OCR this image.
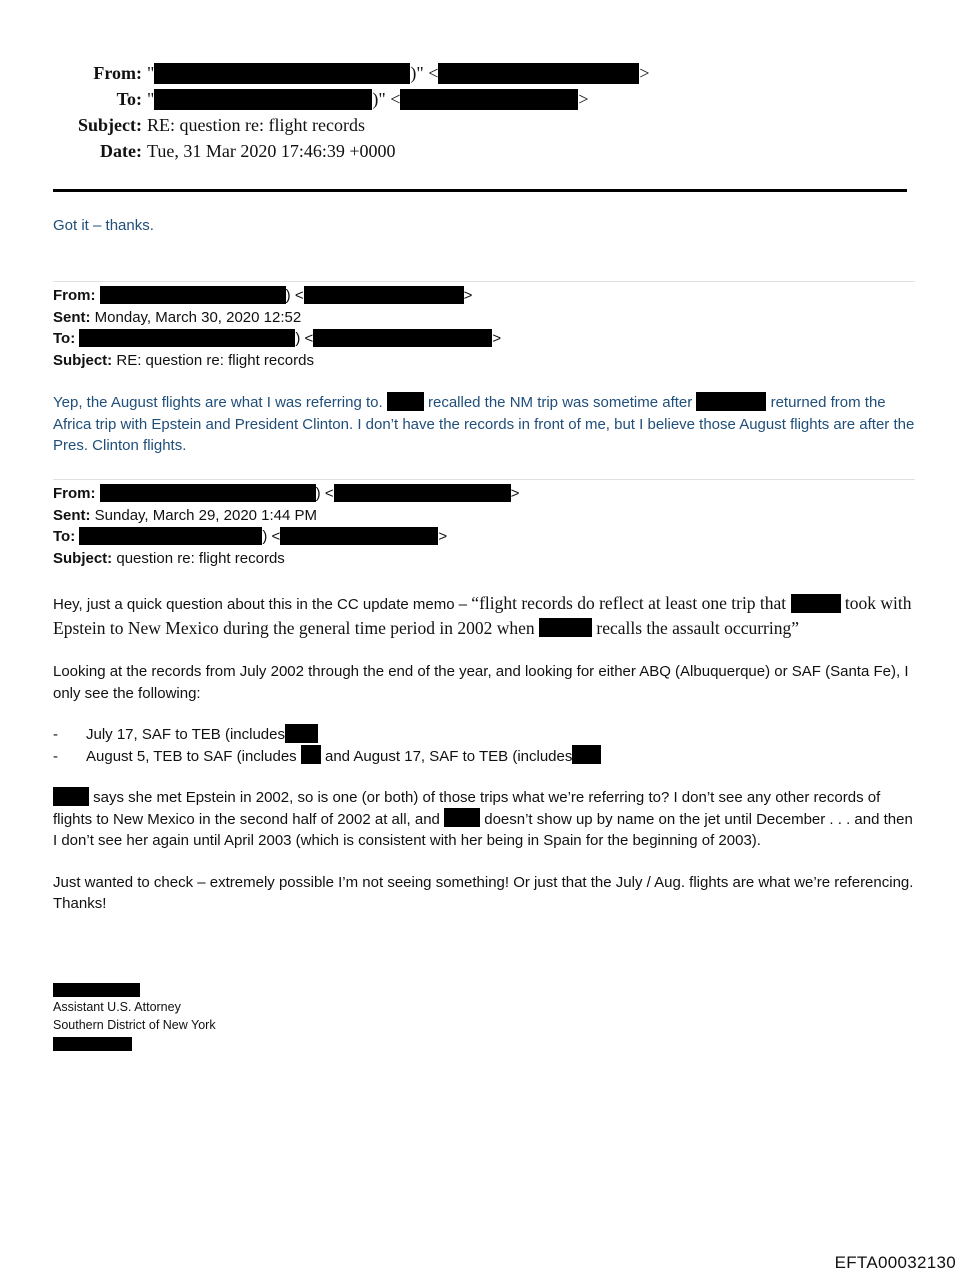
From: "	)" <	>
To: "	)" <	>
Subject: RE: question re: flight records
Date: Tue, 31 Mar 2020 17:46:39 +0000
Got it – thanks.
From:	) <	>
Sent: Monday, March 30, 2020 12:52
To:	) <	>
Subject: RE: question re: flight records
Yep, the August flights are what I was referring to.  recalled the NM trip was sometime after	returned from the Africa trip with Epstein and President Clinton. I don’t have the records in front of me, but I believe those August flights are after the Pres. Clinton flights.
From:	) <	>
Sent: Sunday, March 29, 2020 1:44 PM
To:	) <	>
Subject: question re: flight records

Hey, just a quick question about this in the CC update memo – “flight records do reflect at least one trip that	took with Epstein to New Mexico during the general time period in 2002 when	recalls the assault occurring”

Looking at the records from July 2002 through the end of the year, and looking for either ABQ (Albuquerque) or SAF (Santa Fe), I only see the following:

- July 17, SAF to TEB (includes
- August 5, TEB to SAF (includes  and August 17, SAF to TEB (includes

says she met Epstein in 2002, so is one (or both) of those trips what we’re referring to? I don’t see any other records of flights to New Mexico in the second half of 2002 at all, and  doesn’t show up by name on the jet until December . . . and then I don’t see her again until April 2003 (which is consistent with her being in Spain for the beginning of 2003).

Just wanted to check – extremely possible I’m not seeing something! Or just that the July / Aug. flights are what we’re referencing. Thanks!

Assistant U.S. Attorney
Southern District of New York
EFTA00032130
